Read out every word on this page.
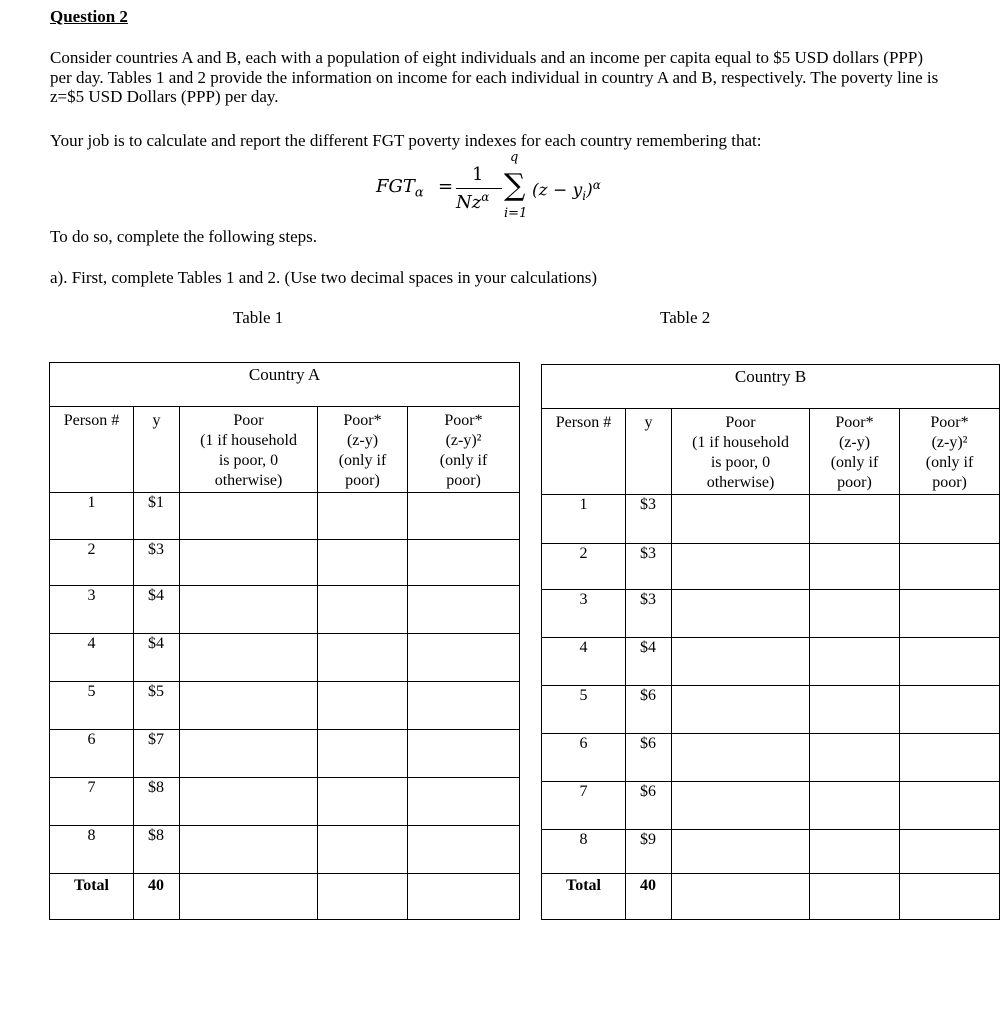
Question 2
Consider countries A and B, each with a population of eight individuals and an income per capita equal to $5 USD dollars (PPP) per day. Tables 1 and 2 provide the information on income for each individual in country A and B, respectively. The poverty line is z=$5 USD Dollars (PPP) per day.
Your job is to calculate and report the different FGT poverty indexes for each country remembering that:
$FGT_\alpha$ =
1
$Nz^\alpha$
q
∑
i=1
$(z - y_i)^\alpha$
To do so, complete the following steps.
a). First, complete Tables 1 and 2. (Use two decimal spaces in your calculations)
Table 1	Table 2
Country A				
Person #	y	Poor
(1 if household
is poor, 0
otherwise)	Poor*
(z-y)
(only if
poor)	Poor*
(z-y)²
(only if
poor)
1	$1			
2	$3			
3	$4			
4	$4			
5	$5			
6	$7			
7	$8			
8	$8			
Total	40			
Country B				
Person #	y	Poor
(1 if household
is poor, 0
otherwise)	Poor*
(z-y)
(only if
poor)	Poor*
(z-y)²
(only if
poor)
1	$3			
2	$3			
3	$3			
4	$4			
5	$6			
6	$6			
7	$6			
8	$9			
Total	40			
